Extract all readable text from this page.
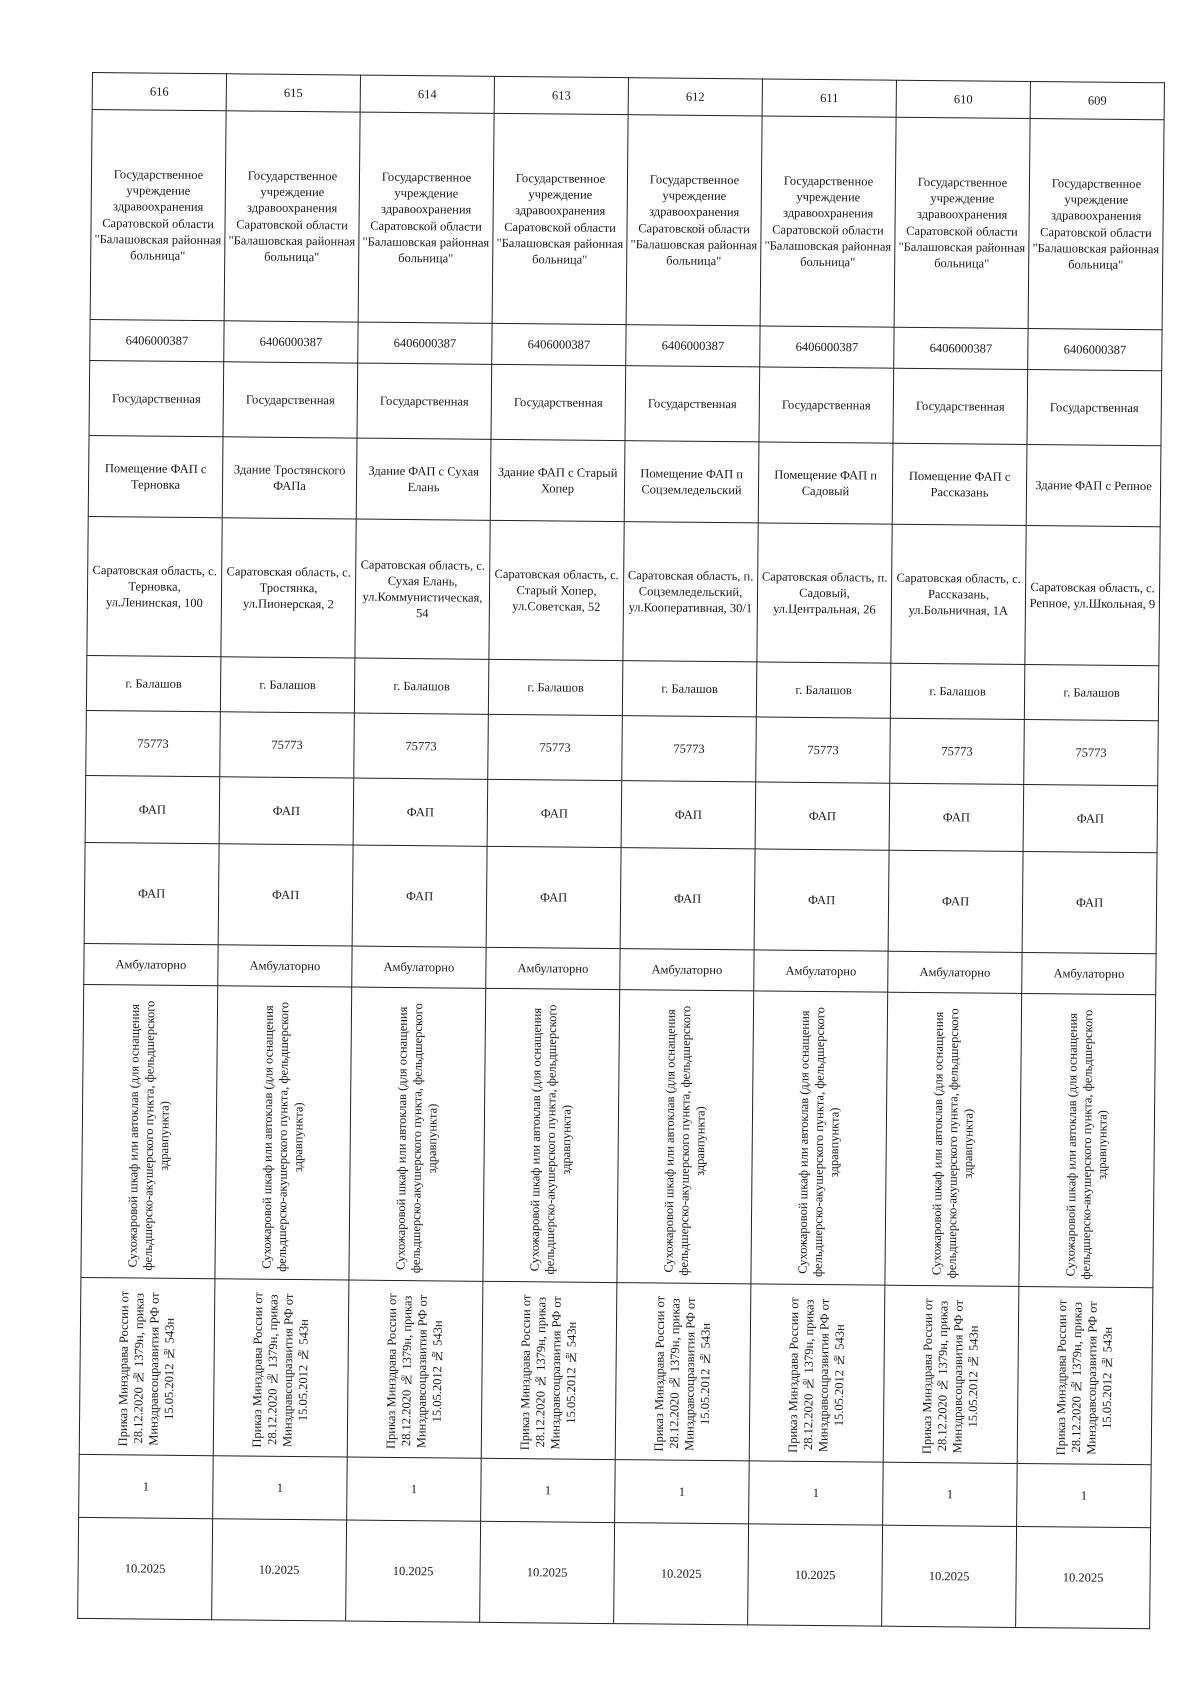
616	615	614	613	612	611	610	609
Государственное учреждение здравоохранения Саратовской области "Балашовская районная больница"	Государственное учреждение здравоохранения Саратовской области "Балашовская районная больница"	Государственное учреждение здравоохранения Саратовской области "Балашовская районная больница"	Государственное учреждение здравоохранения Саратовской области "Балашовская районная больница"	Государственное учреждение здравоохранения Саратовской области "Балашовская районная больница"	Государственное учреждение здравоохранения Саратовской области "Балашовская районная больница"	Государственное учреждение здравоохранения Саратовской области "Балашовская районная больница"	Государственное учреждение здравоохранения Саратовской области "Балашовская районная больница"
6406000387	6406000387	6406000387	6406000387	6406000387	6406000387	6406000387	6406000387
Государственная	Государственная	Государственная	Государственная	Государственная	Государственная	Государственная	Государственная
Помещение ФАП с Терновка	Здание Тростянского ФАПа	Здание ФАП с Сухая Елань	Здание ФАП с Старый Хопер	Помещение ФАП п Соцземледельский	Помещение ФАП п Садовый	Помещение ФАП с Рассказань	Здание ФАП с Репное
Саратовская область, с. Терновка, ул.Ленинская, 100	Саратовская область, с. Тростянка, ул.Пионерская, 2	Саратовская область, с. Сухая Елань, ул.Коммунистическая, 54	Саратовская область, с. Старый Хопер, ул.Советская, 52	Саратовская область, п. Соцземледельский, ул.Кооперативная, 30/1	Саратовская область, п. Садовый, ул.Центральная, 26	Саратовская область, с. Рассказань, ул.Больничная, 1А	Саратовская область, с. Репное, ул.Школьная, 9
г. Балашов	г. Балашов	г. Балашов	г. Балашов	г. Балашов	г. Балашов	г. Балашов	г. Балашов
75773	75773	75773	75773	75773	75773	75773	75773
ФАП	ФАП	ФАП	ФАП	ФАП	ФАП	ФАП	ФАП
ФАП	ФАП	ФАП	ФАП	ФАП	ФАП	ФАП	ФАП
Амбулаторно	Амбулаторно	Амбулаторно	Амбулаторно	Амбулаторно	Амбулаторно	Амбулаторно	Амбулаторно

Сухожаровой шкаф или автоклав (для оснащения фельдшерско-акушерского пункта, фельдшерского здравпункта)	Сухожаровой шкаф или автоклав (для оснащения фельдшерско-акушерского пункта, фельдшерского здравпункта)	Сухожаровой шкаф или автоклав (для оснащения фельдшерско-акушерского пункта, фельдшерского здравпункта)	Сухожаровой шкаф или автоклав (для оснащения фельдшерско-акушерского пункта, фельдшерского здравпункта)	Сухожаровой шкаф или автоклав (для оснащения фельдшерско-акушерского пункта, фельдшерского здравпункта)	Сухожаровой шкаф или автоклав (для оснащения фельдшерско-акушерского пункта, фельдшерского здравпункта)	Сухожаровой шкаф или автоклав (для оснащения фельдшерско-акушерского пункта, фельдшерского здравпункта)	Сухожаровой шкаф или автоклав (для оснащения фельдшерско-акушерского пункта, фельдшерского здравпункта)

Приказ Минздрава России от 28.12.2020 № 1379н, приказ Минздравсоцразвития РФ от 15.05.2012 № 543н	Приказ Минздрава России от 28.12.2020 № 1379н, приказ Минздравсоцразвития РФ от 15.05.2012 № 543н	Приказ Минздрава России от 28.12.2020 № 1379н, приказ Минздравсоцразвития РФ от 15.05.2012 № 543н	Приказ Минздрава России от 28.12.2020 № 1379н, приказ Минздравсоцразвития РФ от 15.05.2012 № 543н	Приказ Минздрава России от 28.12.2020 № 1379н, приказ Минздравсоцразвития РФ от 15.05.2012 № 543н	Приказ Минздрава России от 28.12.2020 № 1379н, приказ Минздравсоцразвития РФ от 15.05.2012 № 543н	Приказ Минздрава России от 28.12.2020 № 1379н, приказ Минздравсоцразвития РФ от 15.05.2012 № 543н	Приказ Минздрава России от 28.12.2020 № 1379н, приказ Минздравсоцразвития РФ от 15.05.2012 № 543н

1	1	1	1	1	1	1	1
10.2025	10.2025	10.2025	10.2025	10.2025	10.2025	10.2025	10.2025
